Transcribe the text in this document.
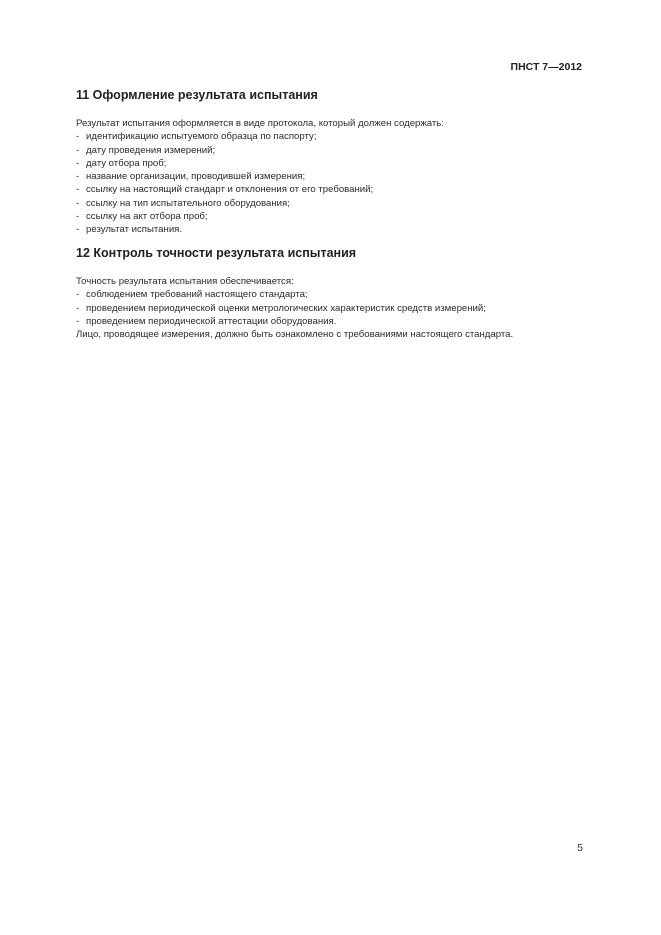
ПНСТ 7—2012
11 Оформление результата испытания

Результат испытания оформляется в виде протокола, который должен содержать:

- идентификацию испытуемого образца по паспорту;
- дату проведения измерений;
- дату отбора проб;
- название организации, проводившей измерения;
- ссылку на настоящий стандарт и отклонения от его требований;
- ссылку на тип испытательного оборудования;
- ссылку на акт отбора проб;
- результат испытания.
12 Контроль точности результата испытания

Точность результата испытания обеспечивается:

- соблюдением требований настоящего стандарта;
- проведением периодической оценки метрологических характеристик средств измерений;
- проведением периодической аттестации оборудования.

Лицо, проводящее измерения, должно быть ознакомлено с требованиями настоящего стандарта.

5
